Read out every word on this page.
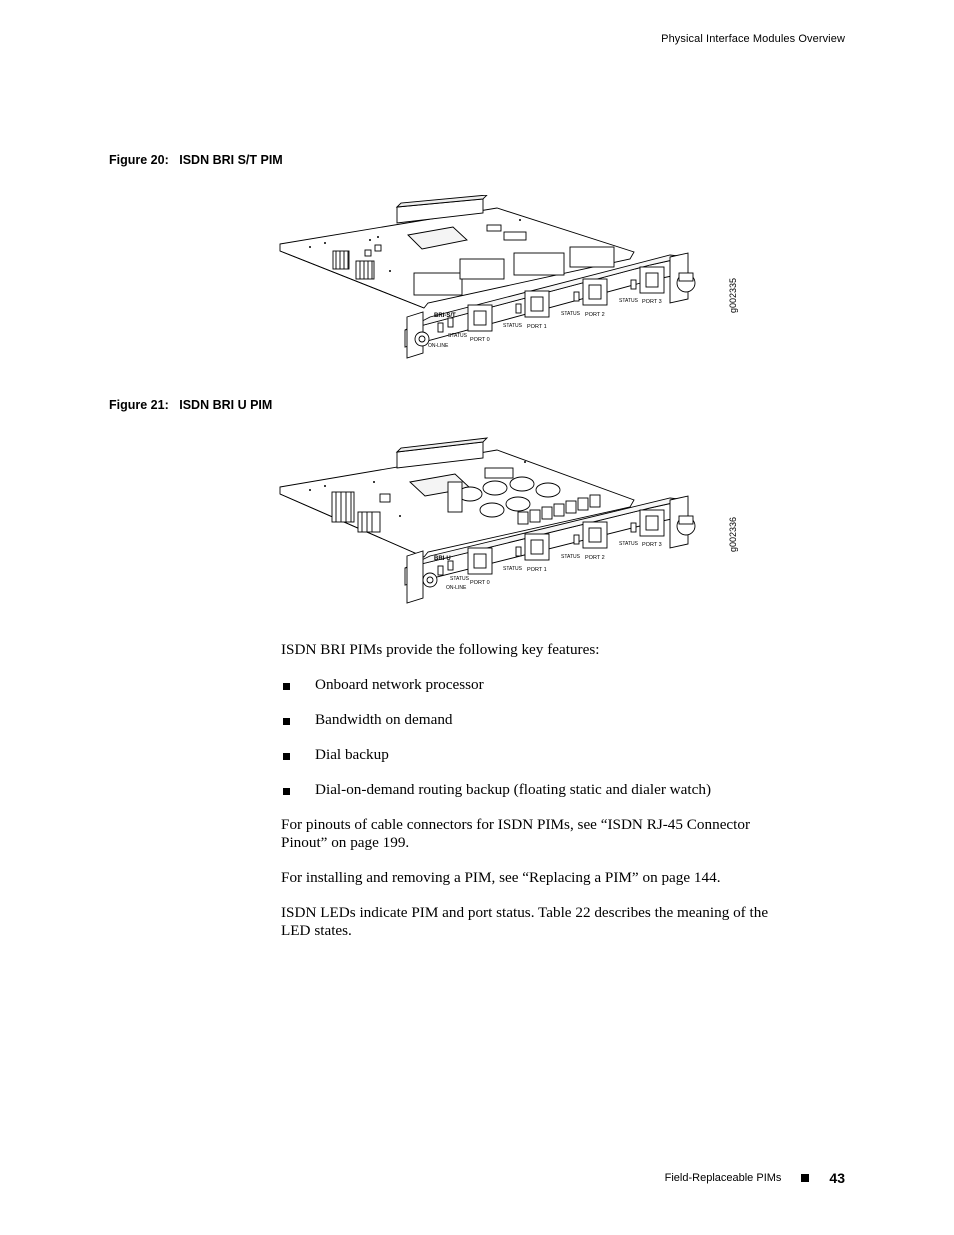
Physical Interface Modules Overview
Figure 20: ISDN BRI S/T PIM
BRI-S/T
STATUS
ON-LINE
PORT 0
STATUS PORT 1
STATUS PORT 2
STATUS PORT 3	g002335
Figure 21: ISDN BRI U PIM
BRI-U
STATUS
ON-LINE
PORT 0
STATUS PORT 1
STATUS PORT 2
STATUS PORT 3	g002336
ISDN BRI PIMs provide the following key features:
Onboard network processor
Bandwidth on demand
Dial backup
Dial-on-demand routing backup (floating static and dialer watch)
For pinouts of cable connectors for ISDN PIMs, see “ISDN RJ-45 Connector Pinout” on page 199.
For installing and removing a PIM, see “Replacing a PIM” on page 144.
ISDN LEDs indicate PIM and port status. Table 22 describes the meaning of the LED states.
Field-Replaceable PIMs	43
